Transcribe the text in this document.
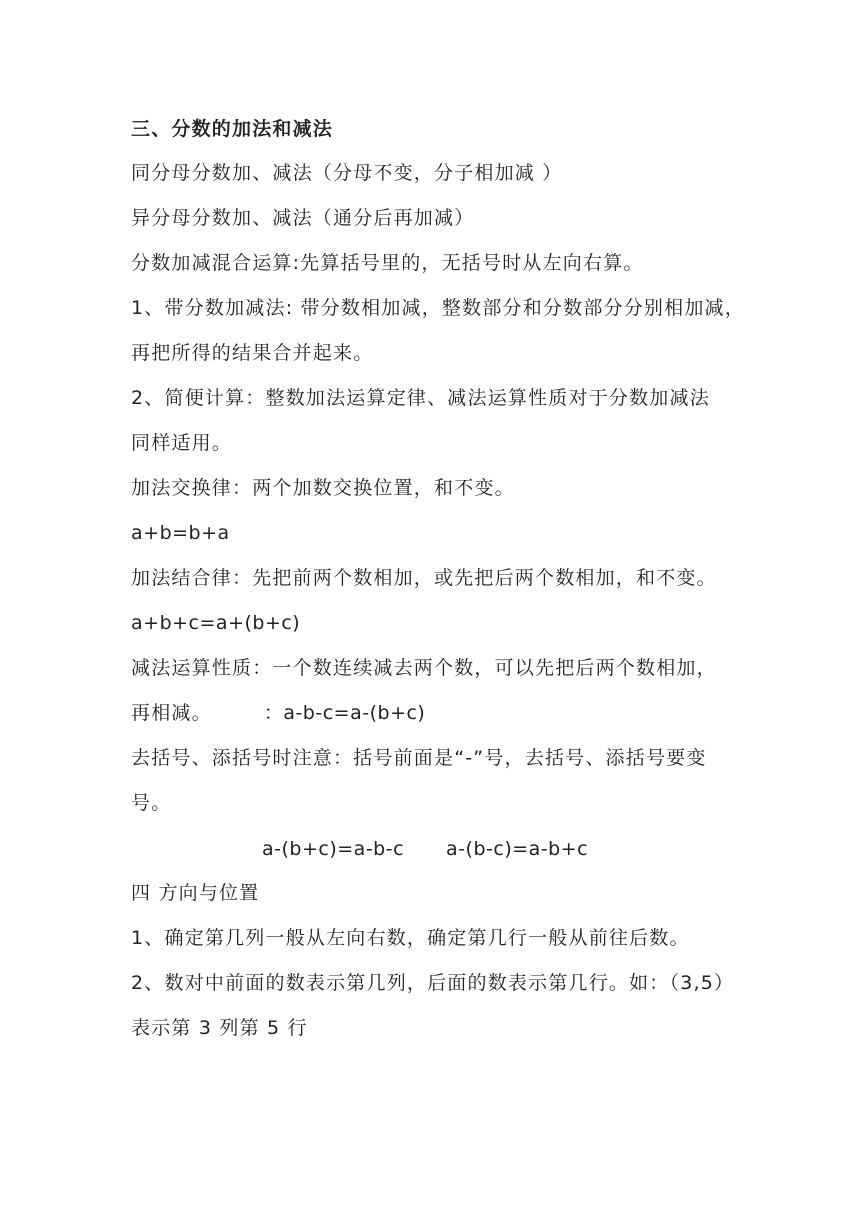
三、分数的加法和减法
同分母分数加、减法（分母不变，分子相加减 ）
异分母分数加、减法（通分后再加减）
分数加减混合运算:先算括号里的，无括号时从左向右算。
1、带分数加减法: 带分数相加减，整数部分和分数部分分别相加减，
再把所得的结果合并起来。
2、简便计算：整数加法运算定律、减法运算性质对于分数加减法
同样适用。
加法交换律：两个加数交换位置，和不变。
a+b=b+a
加法结合律：先把前两个数相加，或先把后两个数相加，和不变。
a+b+c=a+(b+c)
减法运算性质：一个数连续减去两个数，可以先把后两个数相加，
再相减。	：a-b-c=a-(b+c)
去括号、添括号时注意：括号前面是“-”号，去括号、添括号要变
号。
a-(b+c)=a-b-c a-(b-c)=a-b+c
四 方向与位置
1、确定第几列一般从左向右数，确定第几行一般从前往后数。
2、数对中前面的数表示第几列，后面的数表示第几行。如：（3,5）
表示第 3 列第 5 行
